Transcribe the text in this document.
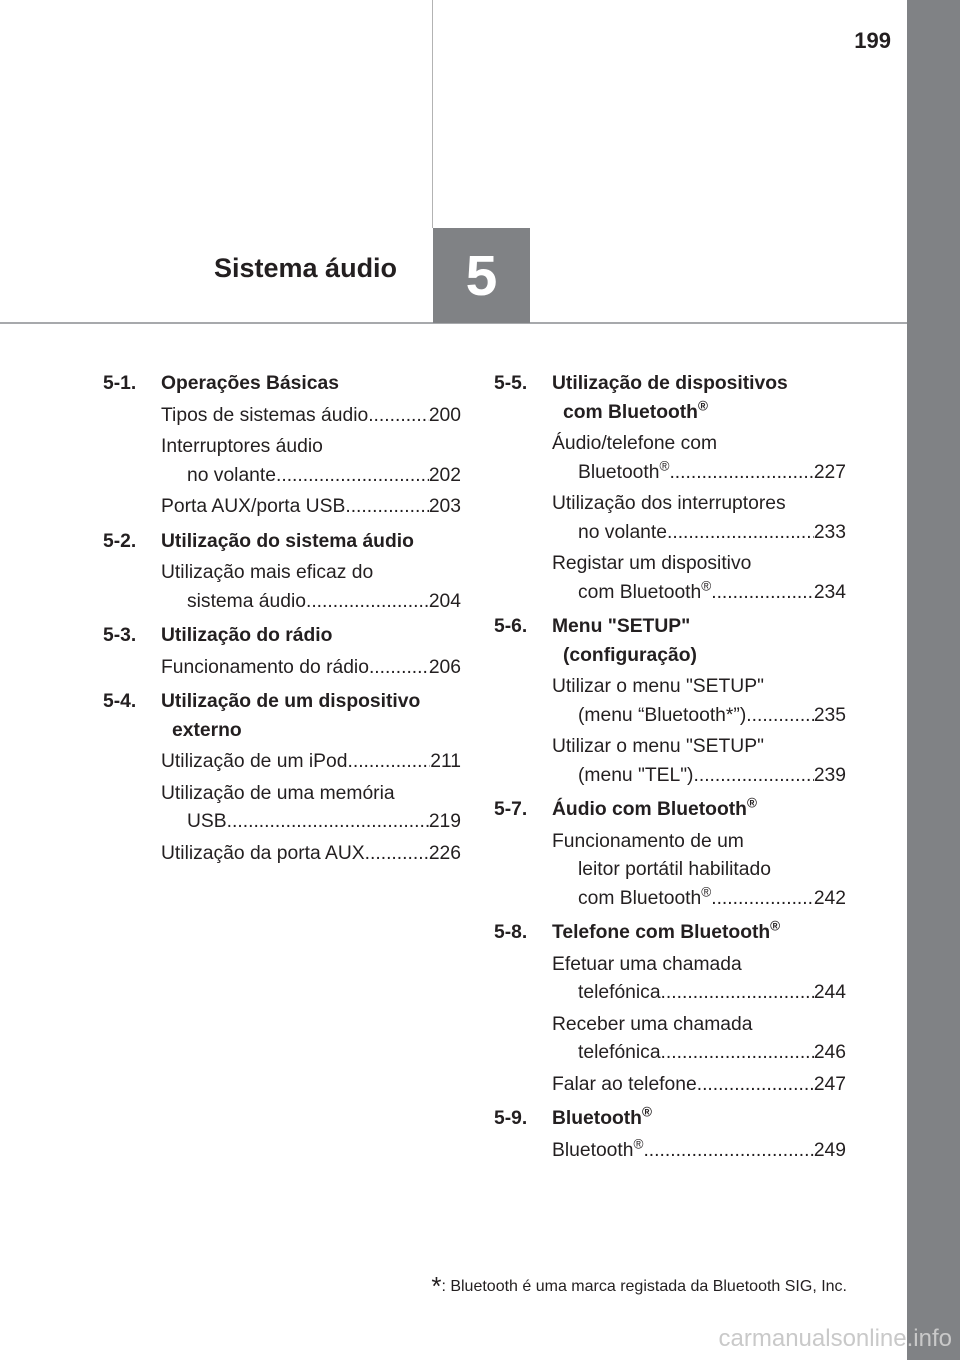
199
Sistema áudio 5
5-1.	Operações Básicas
Tipos de sistemas áudio .....	200
Interruptores áudio
no volante .....	202
Porta AUX/porta USB .....	203
5-2.	Utilização do sistema áudio
Utilização mais eficaz do
sistema áudio .....	204
5-3.	Utilização do rádio
Funcionamento do rádio .....	206
5-4.	Utilização de um dispositivo
externo
Utilização de um iPod .....	211
Utilização de uma memória
USB .....	219
Utilização da porta AUX .....	226
5-5.	Utilização de dispositivos
com Bluetooth®
Áudio/telefone com
Bluetooth® .....	227
Utilização dos interruptores
no volante .....	233
Registar um dispositivo
com Bluetooth® .....	234
5-6.	Menu "SETUP"
(configuração)
Utilizar o menu "SETUP"
(menu “Bluetooth*”) .....	235
Utilizar o menu "SETUP"
(menu "TEL") .....	239
5-7.	Áudio com Bluetooth®
Funcionamento de um
leitor portátil habilitado
com Bluetooth® .....	242
5-8.	Telefone com Bluetooth®
Efetuar uma chamada
telefónica .....	244
Receber uma chamada
telefónica .....	246
Falar ao telefone .....	247
5-9.	Bluetooth®
Bluetooth® .....	249
*: Bluetooth é uma marca registada da Bluetooth SIG, Inc.
carmanualsonline.info
